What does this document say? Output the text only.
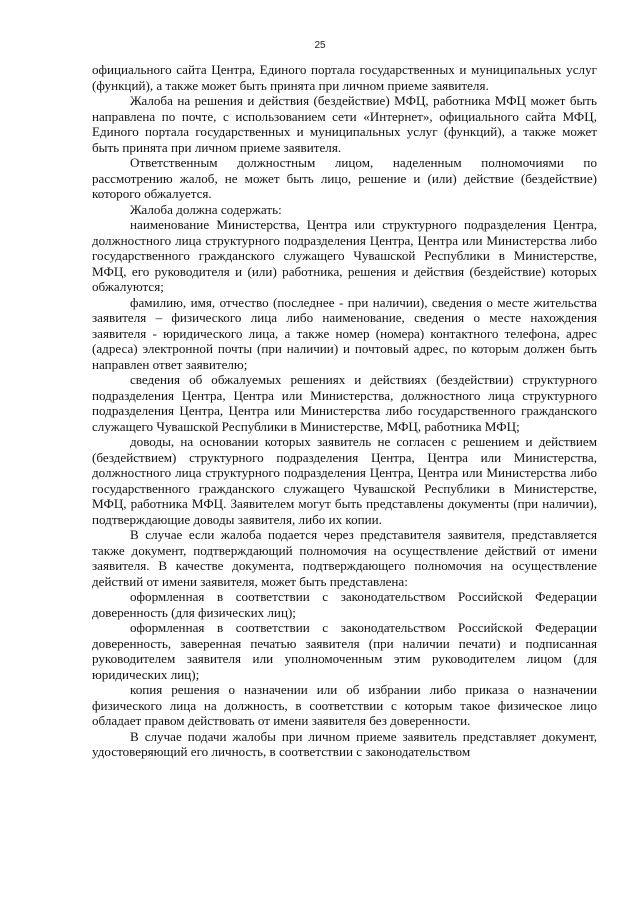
25

официального сайта Центра, Единого портала государственных и муниципальных услуг (функций), а также может быть принята при личном приеме заявителя.

Жалоба на решения и действия (бездействие) МФЦ, работника МФЦ может быть направлена по почте, с использованием сети «Интернет», официального сайта МФЦ, Единого портала государственных и муниципальных услуг (функций), а также может быть принята при личном приеме заявителя.

Ответственным должностным лицом, наделенным полномочиями по рассмотрению жалоб, не может быть лицо, решение и (или) действие (бездействие) которого обжалуется.

Жалоба должна содержать:

наименование Министерства, Центра или структурного подразделения Центра, должностного лица структурного подразделения Центра, Центра или Министерства либо государственного гражданского служащего Чувашской Республики в Министерстве, МФЦ, его руководителя и (или) работника, решения и действия (бездействие) которых обжалуются;

фамилию, имя, отчество (последнее - при наличии), сведения о месте жительства заявителя – физического лица либо наименование, сведения о месте нахождения заявителя - юридического лица, а также номер (номера) контактного телефона, адрес (адреса) электронной почты (при наличии) и почтовый адрес, по которым должен быть направлен ответ заявителю;

сведения об обжалуемых решениях и действиях (бездействии) структурного подразделения Центра, Центра или Министерства, должностного лица структурного подразделения Центра, Центра или Министерства либо государственного гражданского служащего Чувашской Республики в Министерстве, МФЦ, работника МФЦ;

доводы, на основании которых заявитель не согласен с решением и действием (бездействием) структурного подразделения Центра, Центра или Министерства, должностного лица структурного подразделения Центра, Центра или Министерства либо государственного гражданского служащего Чувашской Республики в Министерстве, МФЦ, работника МФЦ. Заявителем могут быть представлены документы (при наличии), подтверждающие доводы заявителя, либо их копии.

В случае если жалоба подается через представителя заявителя, представляется также документ, подтверждающий полномочия на осуществление действий от имени заявителя. В качестве документа, подтверждающего полномочия на осуществление действий от имени заявителя, может быть представлена:

оформленная в соответствии с законодательством Российской Федерации доверенность (для физических лиц);

оформленная в соответствии с законодательством Российской Федерации доверенность, заверенная печатью заявителя (при наличии печати) и подписанная руководителем заявителя или уполномоченным этим руководителем лицом (для юридических лиц);

копия решения о назначении или об избрании либо приказа о назначении физического лица на должность, в соответствии с которым такое физическое лицо обладает правом действовать от имени заявителя без доверенности.

В случае подачи жалобы при личном приеме заявитель представляет документ, удостоверяющий его личность, в соответствии с законодательством
